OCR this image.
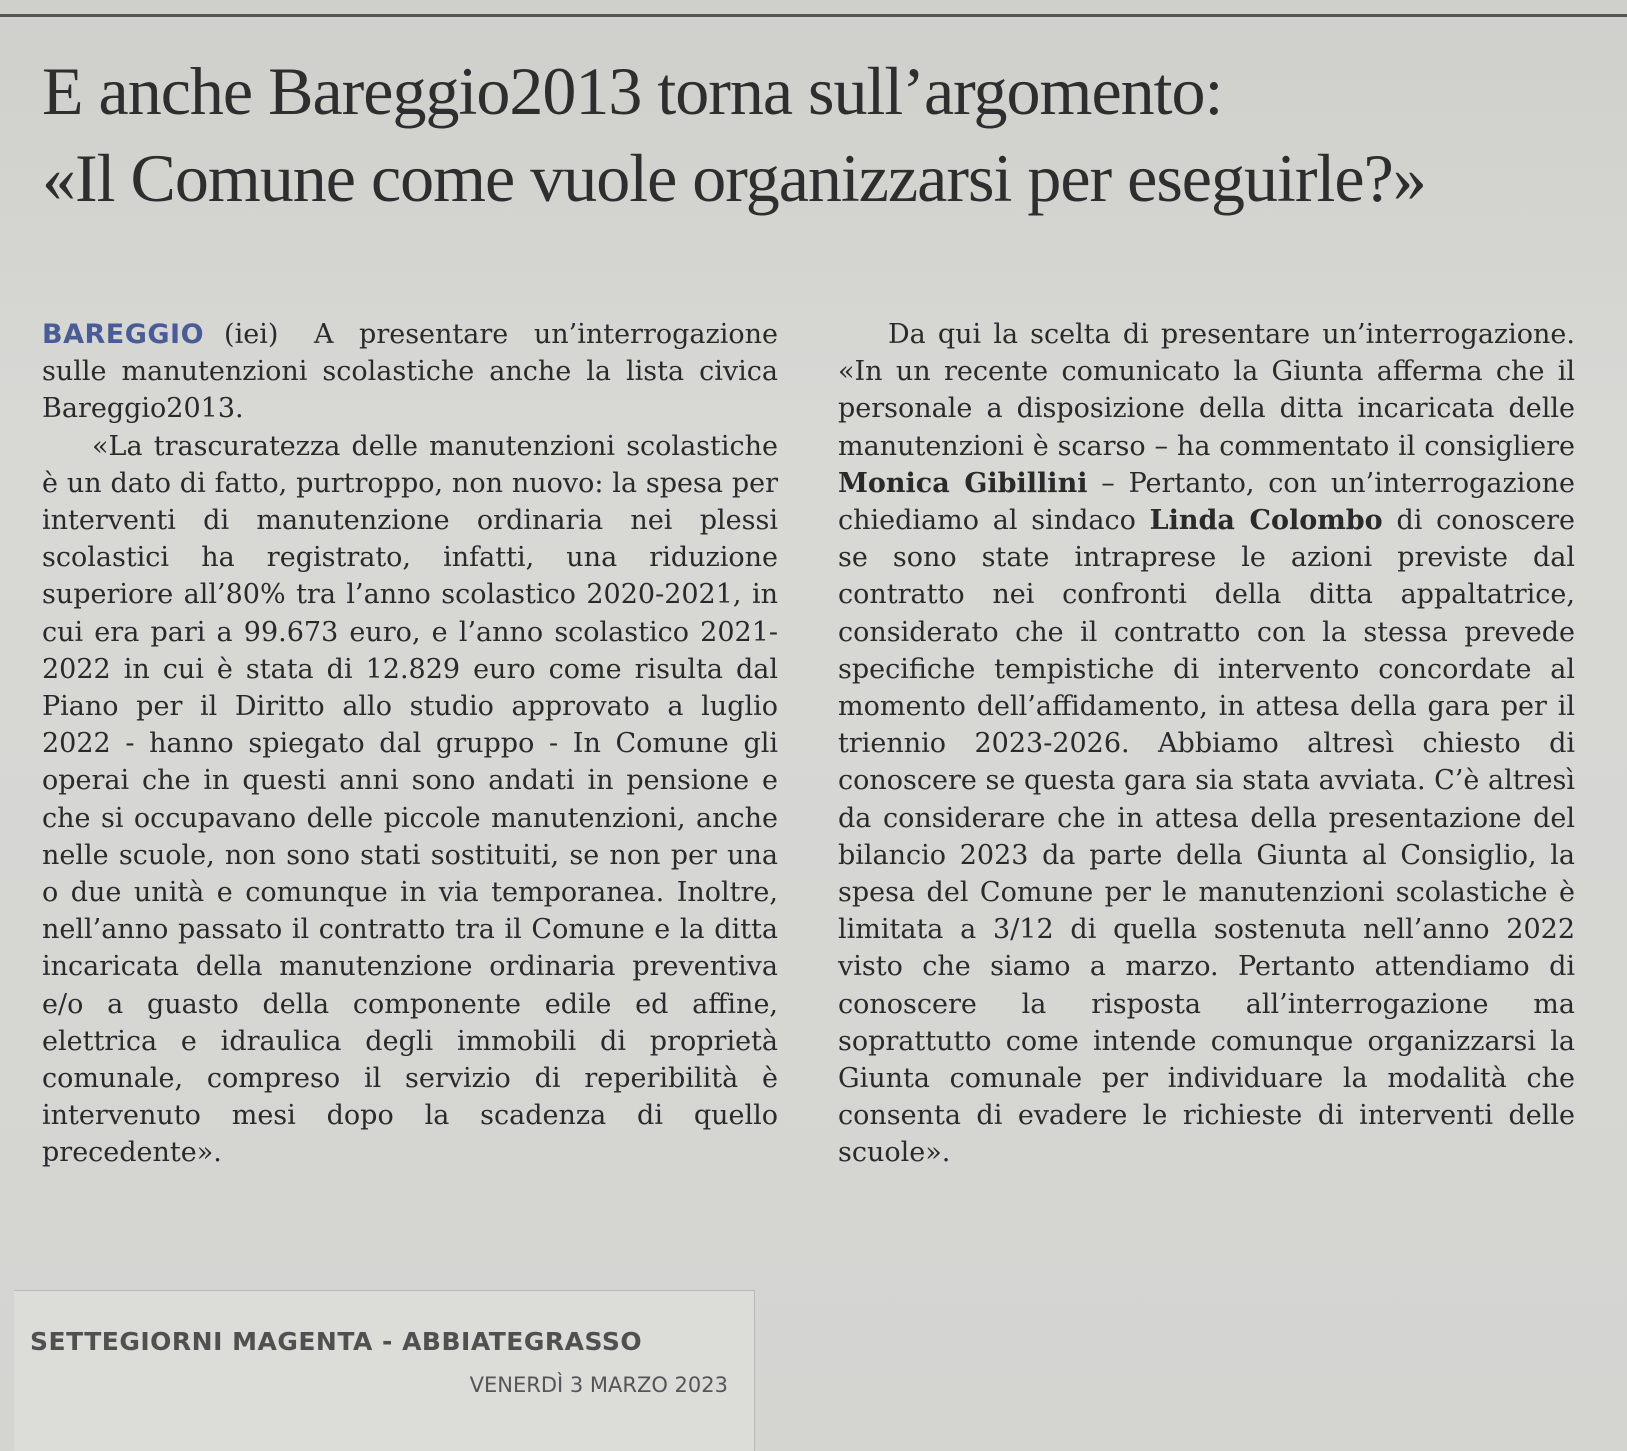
E anche Bareggio2013 torna sull’argomento:
«Il Comune come vuole organizzarsi per eseguirle?»

BAREGGIO (iei) A presentare un’interrogazione sulle manutenzioni scolastiche anche la lista civica Bareggio2013.

«La trascuratezza delle manutenzioni scolastiche è un dato di fatto, purtroppo, non nuovo: la spesa per interventi di manutenzione ordinaria nei plessi scolastici ha registrato, infatti, una riduzione superiore all’80% tra l’anno scolastico 2020-2021, in cui era pari a 99.673 euro, e l’anno scolastico 2021-2022 in cui è stata di 12.829 euro come risulta dal Piano per il Diritto allo studio approvato a luglio 2022 - hanno spiegato dal gruppo - In Comune gli operai che in questi anni sono andati in pensione e che si occupavano delle piccole manutenzioni, anche nelle scuole, non sono stati sostituiti, se non per una o due unità e comunque in via temporanea. Inoltre, nell’anno passato il contratto tra il Comune e la ditta incaricata della manutenzione ordinaria preventiva e/o a guasto della componente edile ed affine, elettrica e idraulica degli immobili di proprietà comunale, compreso il servizio di reperibilità è intervenuto mesi dopo la scadenza di quello precedente».

Da qui la scelta di presentare un’interrogazione. «In un recente comunicato la Giunta afferma che il personale a disposizione della ditta incaricata delle manutenzioni è scarso – ha commentato il consigliere Monica Gibillini – Pertanto, con un’interrogazione chiediamo al sindaco Linda Colombo di conoscere se sono state intraprese le azioni previste dal contratto nei confronti della ditta appaltatrice, considerato che il contratto con la stessa prevede specifiche tempistiche di intervento concordate al momento dell’affidamento, in attesa della gara per il triennio 2023-2026. Abbiamo altresì chiesto di conoscere se questa gara sia stata avviata. C’è altresì da considerare che in attesa della presentazione del bilancio 2023 da parte della Giunta al Consiglio, la spesa del Comune per le manutenzioni scolastiche è limitata a 3/12 di quella sostenuta nell’anno 2022 visto che siamo a marzo. Pertanto attendiamo di conoscere la risposta all’interrogazione ma soprattutto come intende comunque organizzarsi la Giunta comunale per individuare la modalità che consenta di evadere le richieste di interventi delle scuole».

SETTEGIORNI MAGENTA - ABBIATEGRASSO
VENERDÌ 3 MARZO 2023
